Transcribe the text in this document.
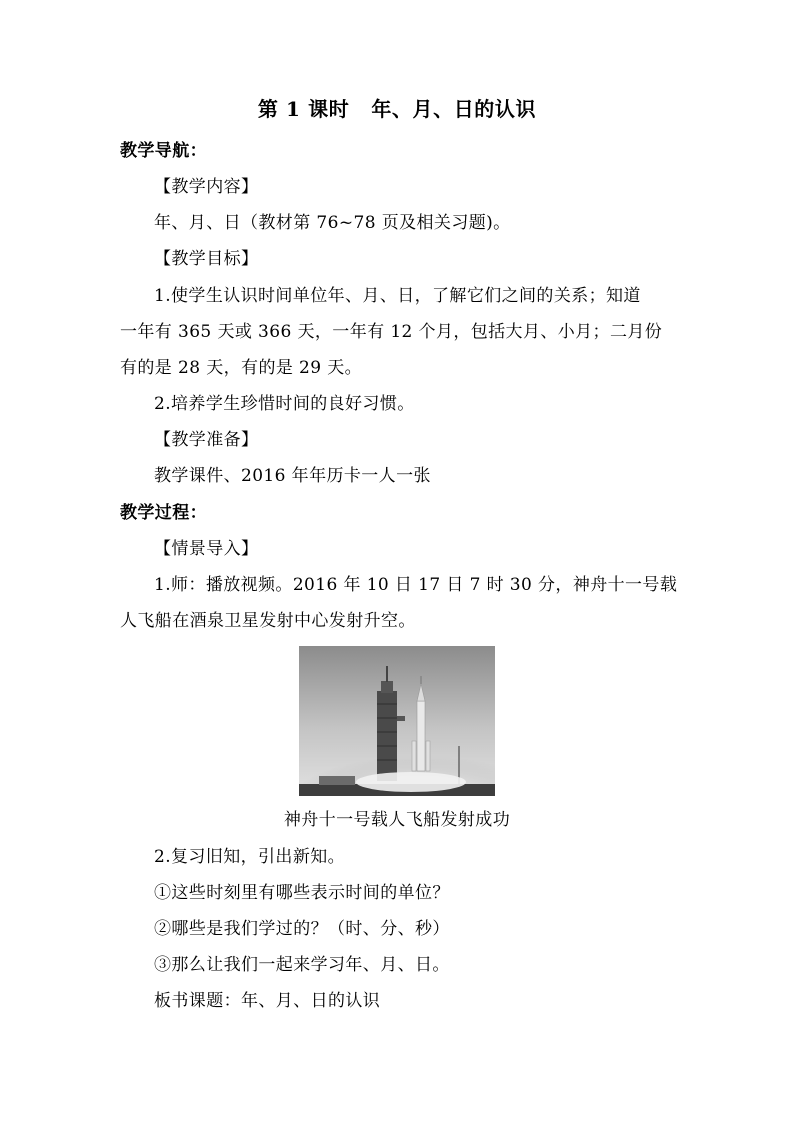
第 1 课时 年、月、日的认识
教学导航：
【教学内容】
年、月、日（教材第 76~78 页及相关习题)。
【教学目标】
1.使学生认识时间单位年、月、日，了解它们之间的关系；知道
一年有 365 天或 366 天，一年有 12 个月，包括大月、小月；二月份
有的是 28 天，有的是 29 天。
2.培养学生珍惜时间的良好习惯。
【教学准备】
教学课件、2016 年年历卡一人一张
教学过程：
【情景导入】
1.师：播放视频。2016 年 10 日 17 日 7 时 30 分，神舟十一号载
人飞船在酒泉卫星发射中心发射升空。
神舟十一号载人飞船发射成功
2.复习旧知，引出新知。
①这些时刻里有哪些表示时间的单位？
②哪些是我们学过的？（时、分、秒）
③那么让我们一起来学习年、月、日。
板书课题：年、月、日的认识
